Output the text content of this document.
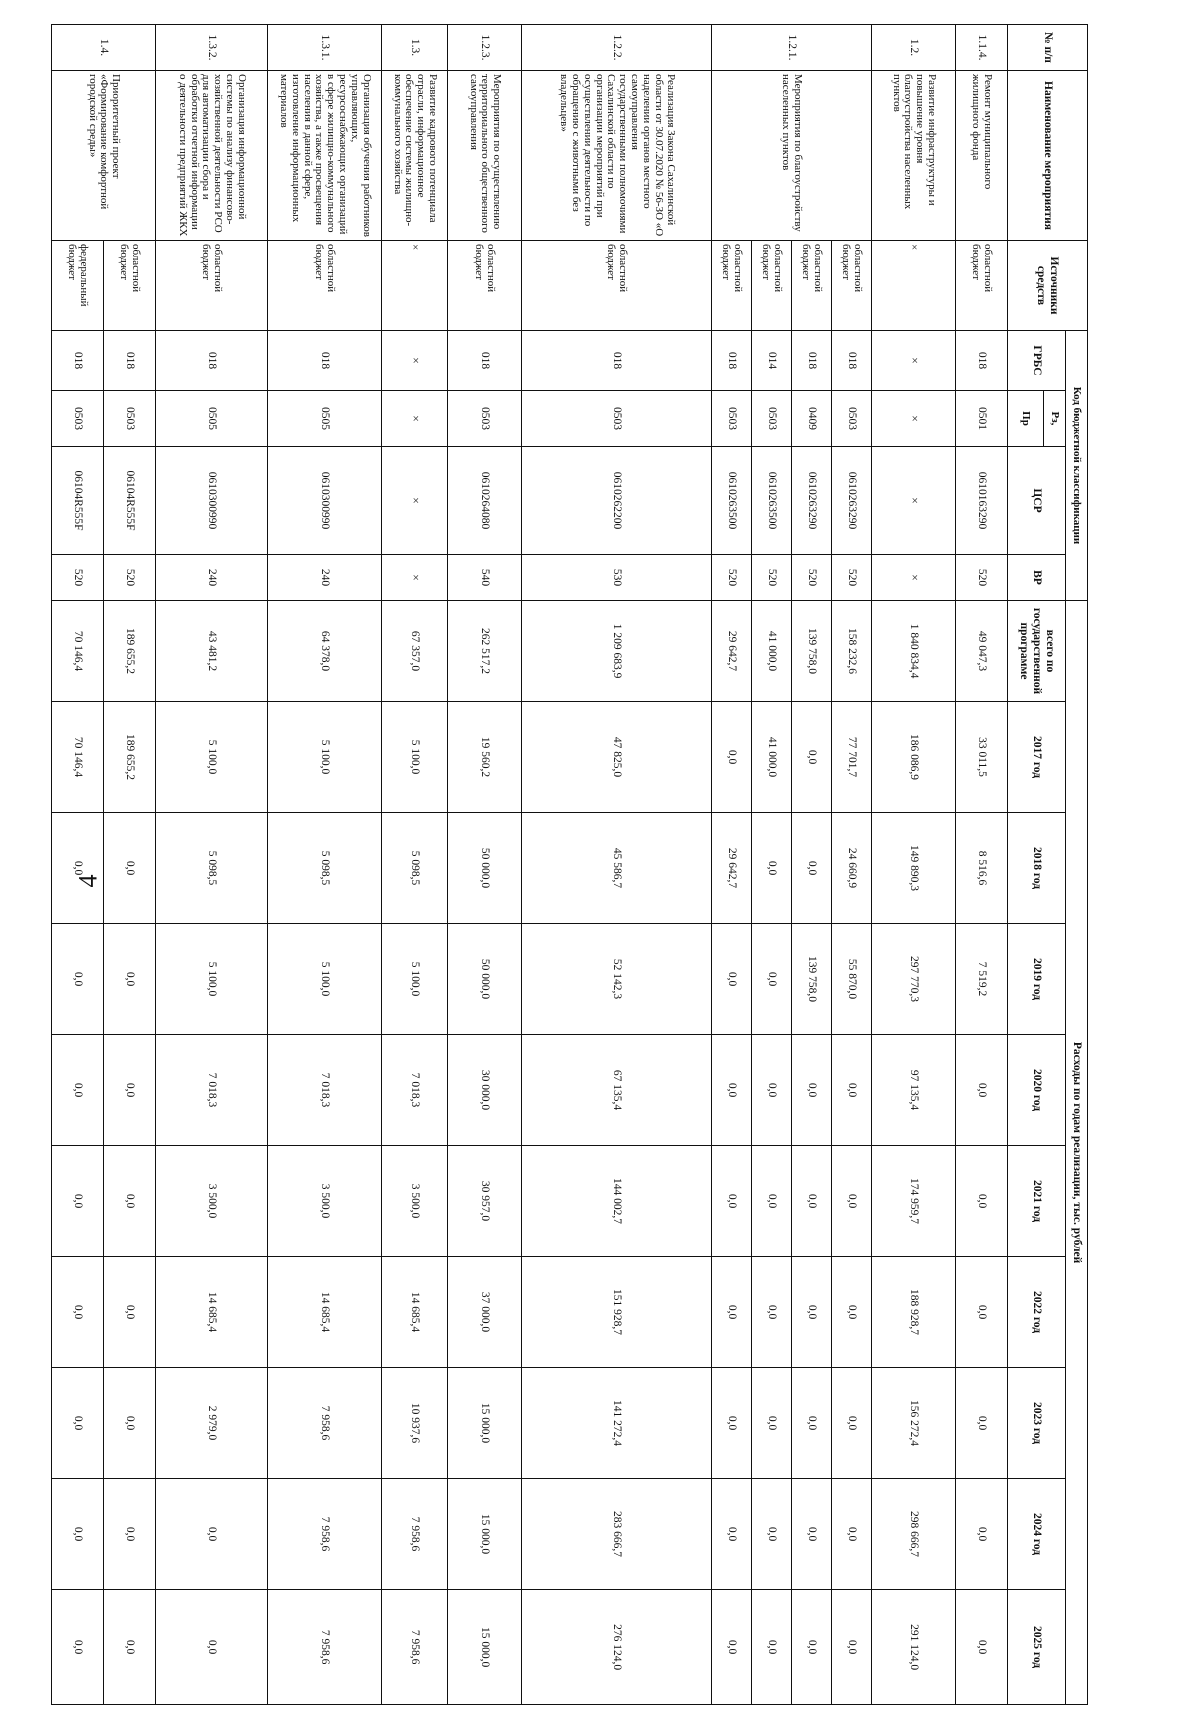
4
№ п/п	Наименование мероприятия	Источники средств	Код бюджетной классификации				Расходы по годам реализации, тыс. рублей									
			ГРБС	Рз,	ЦСР	ВР	всего по государственной программе	2017 год	2018 год	2019 год	2020 год	2021 год	2022 год	2023 год	2024 год	2025 год
				Пр												
1.1.4.	Ремонт муниципального жилищного фонда	областной бюджет	018	0501	0610163290	520	49 047,3	33 011,5	8 516,6	7 519,2	0,0	0,0	0,0	0,0	0,0	0,0
1.2.	Развитие инфраструктуры и повышение уровня благоустройства населенных пунктов	×	×	×	×	×	1 840 834,4	186 086,9	149 890,3	297 770,3	97 135,4	174 959,7	188 928,7	156 272,4	298 666,7	291 124,0
1.2.1.	Мероприятия по благоустройству населенных пунктов	областной бюджет	018	0503	0610263290	520	158 232,6	77 701,7	24 660,9	55 870,0	0,0	0,0	0,0	0,0	0,0	0,0
		областной бюджет	018	0409	0610263290	520	139 758,0	0,0	0,0	139 758,0	0,0	0,0	0,0	0,0	0,0	0,0
		областной бюджет	014	0503	0610263500	520	41 000,0	41 000,0	0,0	0,0	0,0	0,0	0,0	0,0	0,0	0,0
		областной бюджет	018	0503	0610263500	520	29 642,7	0,0	29 642,7	0,0	0,0	0,0	0,0	0,0	0,0	0,0
1.2.2.	Реализация Закона Сахалинской области от 30.07.2020 № 56-ЗО «О наделении органов местного самоуправления государственными полномочиями Сахалинской области по организации мероприятий при осуществлении деятельности по обращению с животными без владельцев»	областной бюджет	018	0503	0610262200	530	1 209 683,9	47 825,0	45 586,7	52 142,3	67 135,4	144 002,7	151 928,7	141 272,4	283 666,7	276 124,0
1.2.3.	Мероприятия по осуществлению территориального общественного самоуправления	областной бюджет	018	0503	0610264080	540	262 517,2	19 560,2	50 000,0	50 000,0	30 000,0	30 957,0	37 000,0	15 000,0	15 000,0	15 000,0
1.3.	Развитие кадрового потенциала отрасли, информационное обеспечение системы жилищно-коммунального хозяйства	×	×	×	×	×	67 357,0	5 100,0	5 098,5	5 100,0	7 018,3	3 500,0	14 685,4	10 937,6	7 958,6	7 958,6
1.3.1.	Организация обучения работников управляющих, ресурсоснабжающих организаций в сфере жилищно-коммунального хозяйства, а также просвещения населения в данной сфере, изготовление информационных материалов	областной бюджет	018	0505	0610300990	240	64 378,0	5 100,0	5 098,5	5 100,0	7 018,3	3 500,0	14 685,4	7 958,6	7 958,6	7 958,6
1.3.2.	Организация информационной системы по анализу финансово-хозяйственной деятельности РСО для автоматизации сбора и обработки отчетной информации о деятельности предприятий ЖКХ	областной бюджет	018	0505	0610300990	240	43 481,2	5 100,0	5 098,5	5 100,0	7 018,3	3 500,0	14 685,4	2 979,0	0,0	0,0
1.4.	Приоритетный проект «Формирование комфортной городской среды»	областной бюджет	018	0503	06104R555F	520	189 655,2	189 655,2	0,0	0,0	0,0	0,0	0,0	0,0	0,0	0,0
		федеральный бюджет	018	0503	06104R555F	520	70 146,4	70 146,4	0,0	0,0	0,0	0,0	0,0	0,0	0,0	0,0
